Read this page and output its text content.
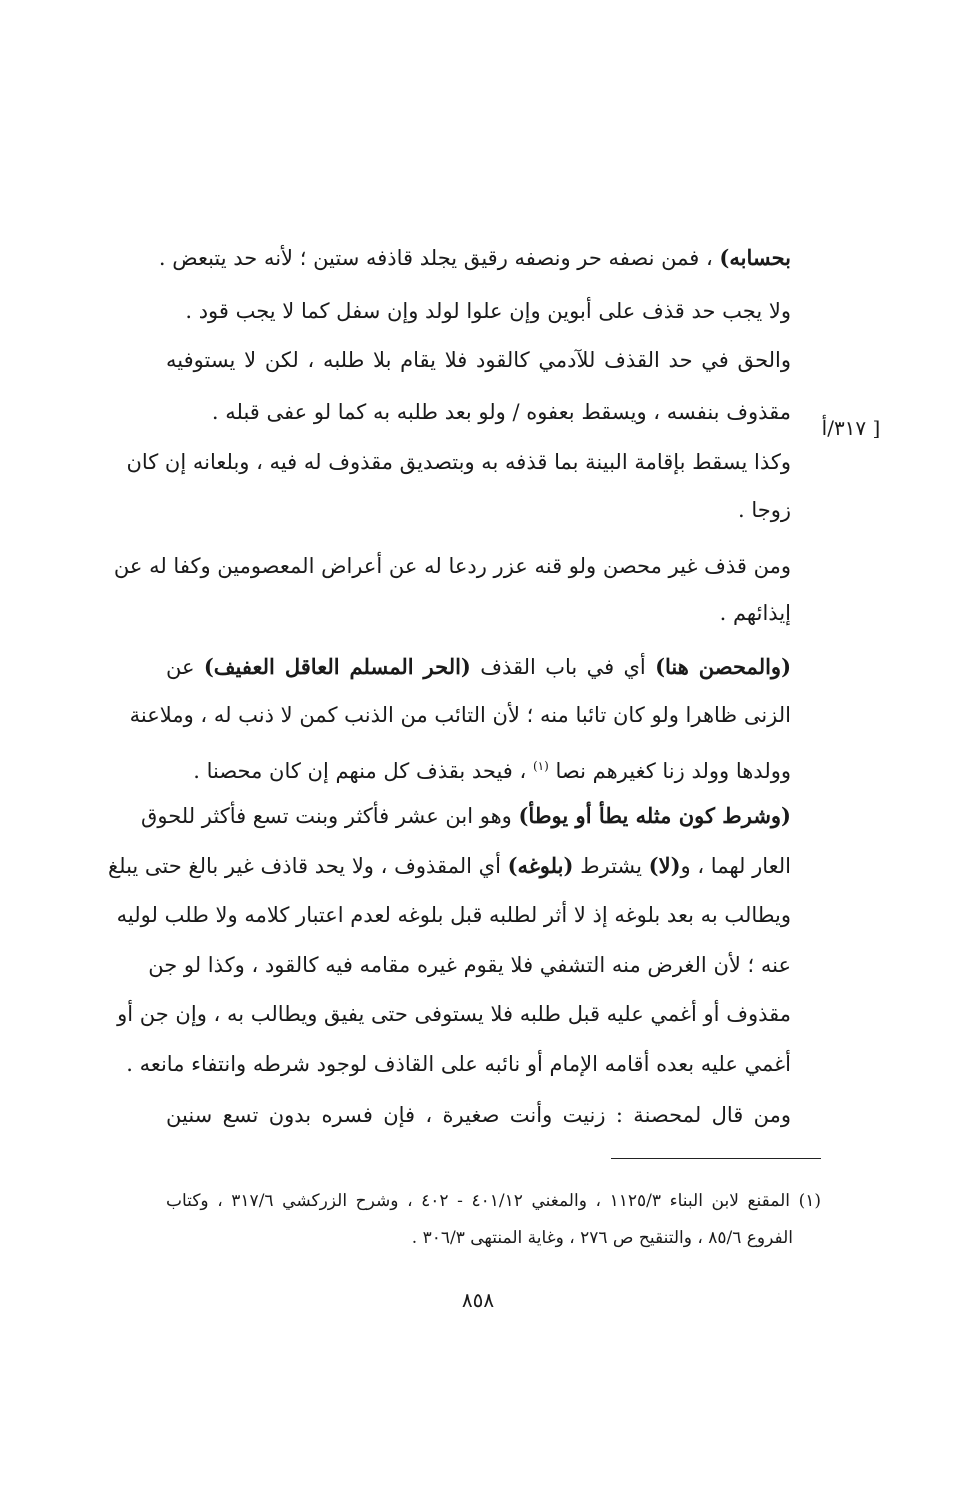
بحسابه) ، فمن نصفه حر ونصفه رقيق يجلد قاذفه ستين ؛ لأنه حد يتبعض .
ولا يجب حد قذف على أبوين وإن علوا لولد وإن سفل كما لا يجب قود .
والحق في حد القذف للآدمي كالقود فلا يقام بلا طلبه ، لكن لا يستوفيه
مقذوف بنفسه ، ويسقط بعفوه / ولو بعد طلبه به كما لو عفى قبله .
[ ٣١٧/أ
وكذا يسقط بإقامة البينة بما قذفه به وبتصديق مقذوف له فيه ، وبلعانه إن كان
زوجا .
ومن قذف غير محصن ولو قنه عزر ردعا له عن أعراض المعصومين وكفا له عن
إيذائهم .
(والمحصن هنا) أي في باب القذف (الحر المسلم العاقل العفيف) عن
الزنى ظاهرا ولو كان تائبا منه ؛ لأن التائب من الذنب كمن لا ذنب له ، وملاعنة
وولدها وولد زنا كغيرهم نصا $^{(١)}$ ، فيحد بقذف كل منهم إن كان محصنا .
(وشرط كون مثله يطأ أو يوطأ) وهو ابن عشر فأكثر وبنت تسع فأكثر للحوق
العار لهما ، و(لا) يشترط (بلوغه) أي المقذوف ، ولا يحد قاذف غير بالغ حتى يبلغ
ويطالب به بعد بلوغه إذ لا أثر لطلبه قبل بلوغه لعدم اعتبار كلامه ولا طلب لوليه
عنه ؛ لأن الغرض منه التشفي فلا يقوم غيره مقامه فيه كالقود ، وكذا لو جن
مقذوف أو أغمي عليه قبل طلبه فلا يستوفى حتى يفيق ويطالب به ، وإن جن أو
أغمي عليه بعده أقامه الإمام أو نائبه على القاذف لوجود شرطه وانتفاء مانعه .
ومن قال لمحصنة : زنيت وأنت صغيرة ، فإن فسره بدون تسع سنين
(١) المقنع لابن البناء ١١٢٥/٣ ، والمغني ٤٠١/١٢ - ٤٠٢ ، وشرح الزركشي ٣١٧/٦ ، وكتاب
الفروع ٨٥/٦ ، والتنقيح ص ٢٧٦ ، وغاية المنتهى ٣٠٦/٣ .
٨٥٨
